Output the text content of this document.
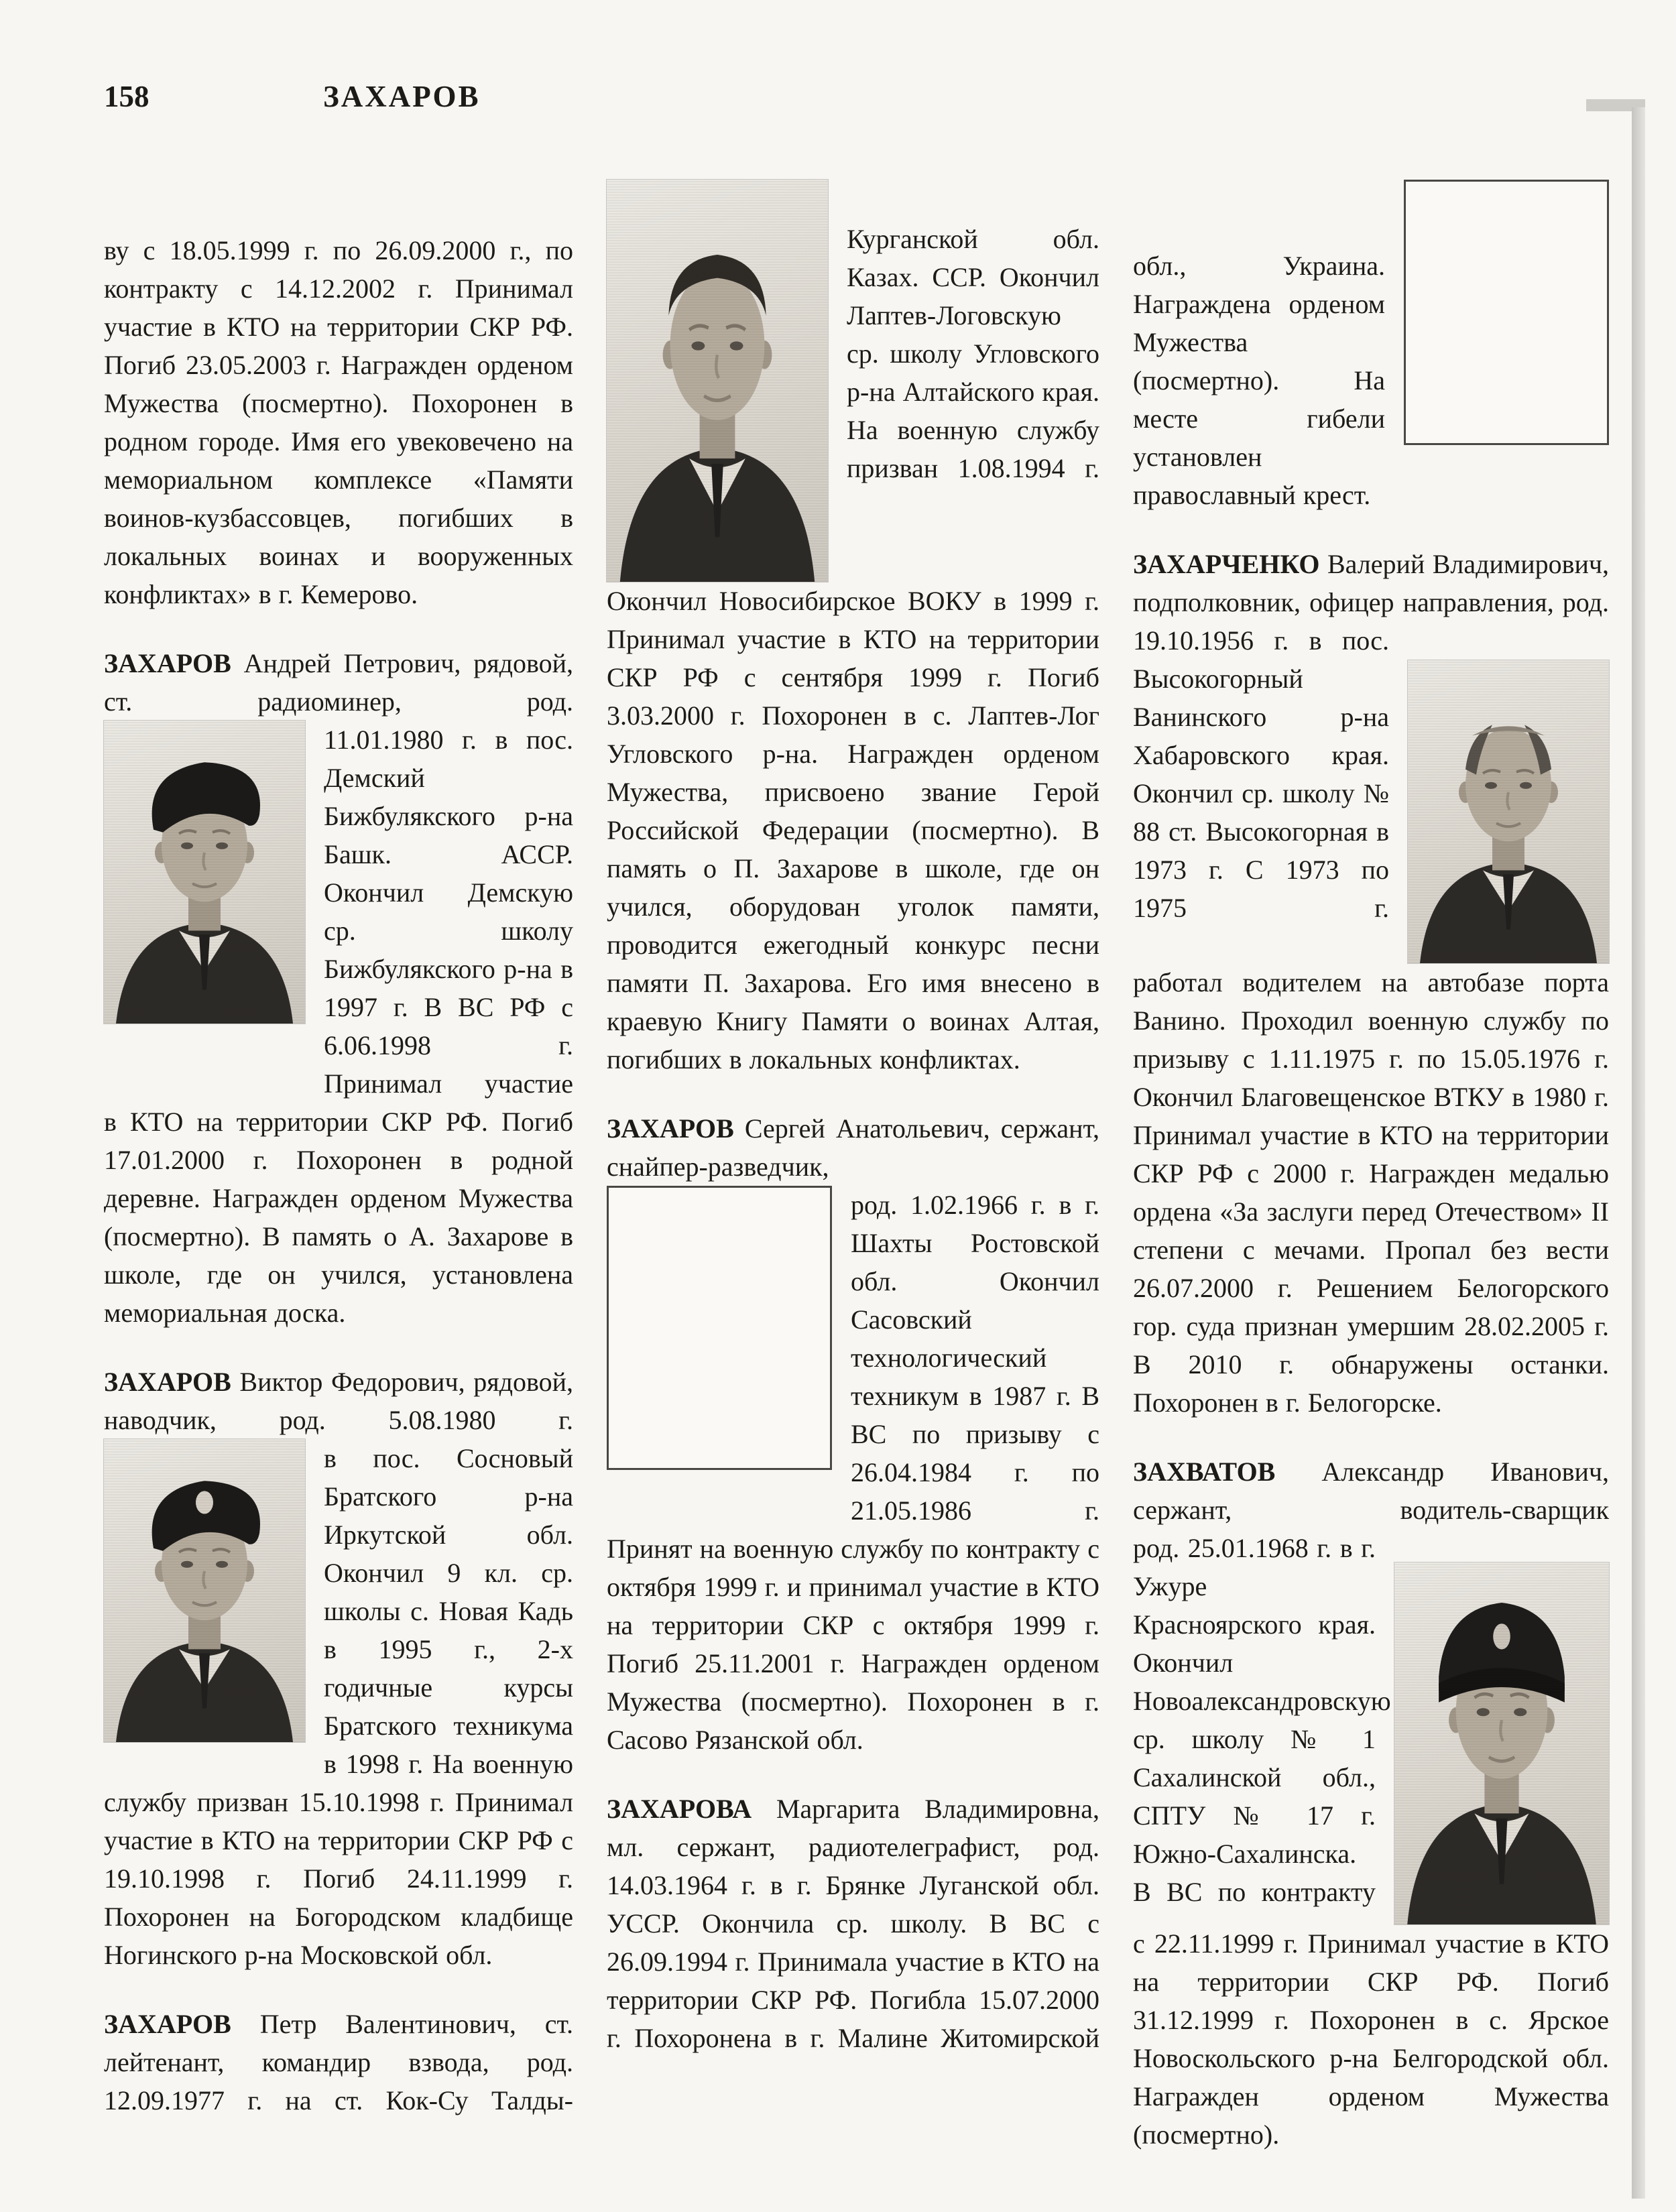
158	ЗАХАРОВ

ву с 18.05.1999 г. по 26.09.2000 г., по контракту с 14.12.2002 г. Принимал участие в КТО на территории СКР РФ. Погиб 23.05.2003 г. Награжден орденом Мужества (посмертно). Похоронен в родном городе. Имя его увековечено на мемориальном комплексе «Памяти воинов-кузбассовцев, погибших в локальных воинах и вооруженных конфликтах» в г. Кемерово.

ЗАХАРОВ Андрей Петрович, рядовой, ст. радиоминер, род.

11.01.1980 г. в пос. Демский Бижбулякского р-на Башк. АССР. Окончил Демскую ср. школу Бижбулякского р-на в 1997 г. В ВС РФ с 6.06.1998 г. Принимал участие

в КТО на территории СКР РФ. Погиб 17.01.2000 г. Похоронен в родной деревне. Награжден орденом Мужества (посмертно). В память о А. Захарове в школе, где он учился, установлена мемориальная доска.

ЗАХАРОВ Виктор Федорович, рядовой, наводчик, род. 5.08.1980 г.

в пос. Сосновый Братского р-на Иркутской обл. Окончил 9 кл. ср. школы с. Новая Кадь в 1995 г., 2-х годичные курсы Братского техникума в 1998 г. На военную

службу призван 15.10.1998 г. Принимал участие в КТО на территории СКР РФ с 19.10.1998 г. Погиб 24.11.1999 г. Похоронен на Богородском кладбище Ногинского р-на Московской обл.

ЗАХАРОВ Петр Валентинович, ст. лейтенант, командир взвода, род. 12.09.1977 г. на ст. Кок-Су Талды-

Курганской обл. Казах. ССР. Окончил Лаптев-Логовскую ср. школу Угловского р-на Алтайского края. На военную службу призван 1.08.1994 г.

Окончил Новосибирское ВОКУ в 1999 г. Принимал участие в КТО на территории СКР РФ с сентября 1999 г. Погиб 3.03.2000 г. Похоронен в с. Лаптев-Лог Угловского р-на. Награжден орденом Мужества, присвоено звание Герой Российской Федерации (посмертно). В память о П. Захарове в школе, где он учился, оборудован уголок памяти, проводится ежегодный конкурс песни памяти П. Захарова. Его имя внесено в краевую Книгу Памяти о воинах Алтая, погибших в локальных конфликтах.

ЗАХАРОВ Сергей Анатольевич, сержант, снайпер-разведчик,

род. 1.02.1966 г. в г. Шахты Ростовской обл. Окончил Сасовский технологический техникум в 1987 г. В ВС по призыву с 26.04.1984 г. по 21.05.1986 г.

Принят на военную службу по контракту с октября 1999 г. и принимал участие в КТО на территории СКР с октября 1999 г. Погиб 25.11.2001 г. Награжден орденом Мужества (посмертно). Похоронен в г. Сасово Рязанской обл.

ЗАХАРОВА Маргарита Владимировна, мл. сержант, радиотелеграфист, род. 14.03.1964 г. в г. Брянке Луганской обл. УССР. Окончила ср. школу. В ВС с 26.09.1994 г. Принимала участие в КТО на территории СКР РФ. Погибла 15.07.2000 г. Похоронена в г. Малине Житомирской

обл., Украина. Награждена орденом Мужества (посмертно). На месте гибели установлен православный крест.

ЗАХАРЧЕНКО Валерий Владимирович, подполковник, офицер направления, род.

19.10.1956 г. в пос. Высокогорный Ванинского р-на Хабаровского края. Окончил ср. школу № 88 ст. Высокогорная в 1973 г. С 1973 по 1975 г.

работал водителем на автобазе порта Ванино. Проходил военную службу по призыву с 1.11.1975 г. по 15.05.1976 г. Окончил Благовещенское ВТКУ в 1980 г. Принимал участие в КТО на территории СКР РФ с 2000 г. Награжден медалью ордена «За заслуги перед Отечеством» II степени с мечами. Пропал без вести 26.07.2000 г. Решением Белогорского гор. суда признан умершим 28.02.2005 г. В 2010 г. обнаружены останки. Похоронен в г. Белогорске.

ЗАХВАТОВ Александр Иванович, сержант, водитель-сварщик

род. 25.01.1968 г. в г. Ужуре Красноярского края. Окончил Новоалександровскую ср. школу № 1 Сахалинской обл., СПТУ № 17 г. Южно-Сахалинска. В ВС по контракту

с 22.11.1999 г. Принимал участие в КТО на территории СКР РФ. Погиб 31.12.1999 г. Похоронен в с. Ярское Новоскольского р-на Белгородской обл. Награжден орденом Мужества (посмертно).
